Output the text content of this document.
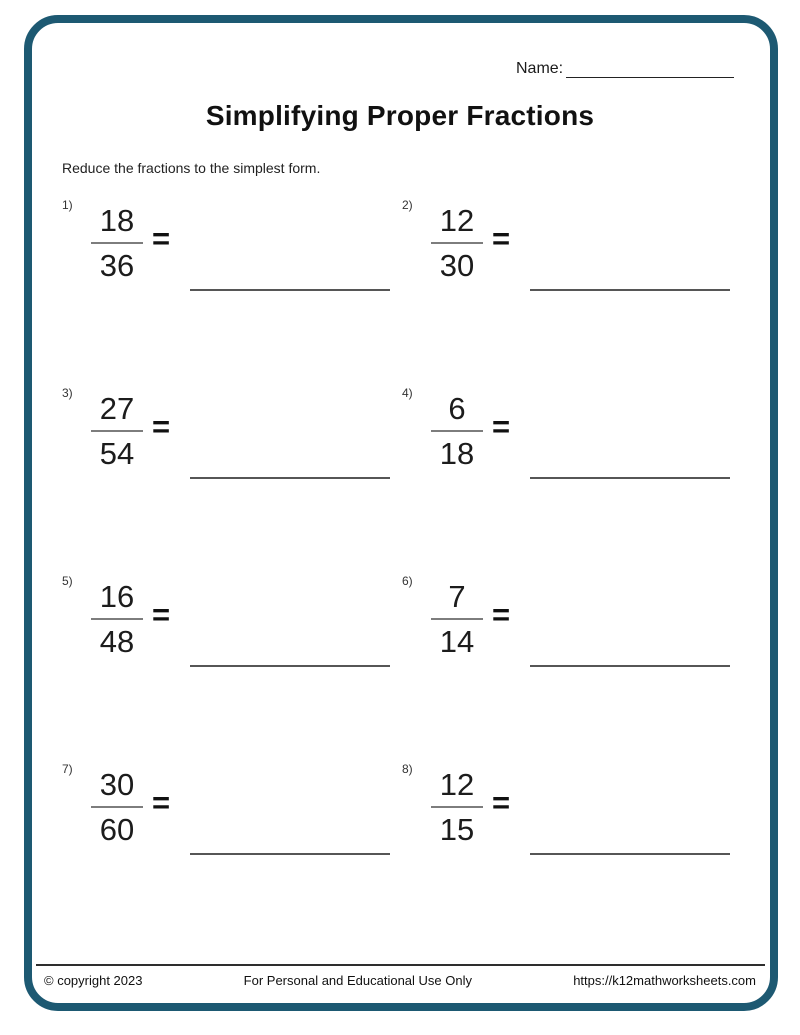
Name:
Simplifying Proper Fractions
Reduce the fractions to the simplest form.
1) 18
36
=
2) 12
30
=
3) 27
54
=
4)	6
18
=
5) 16
48
=
6)	7
14
=
7) 30
60
=
8) 12
15
=
© copyright 2023	For Personal and Educational Use Only	https://k12mathworksheets.com
